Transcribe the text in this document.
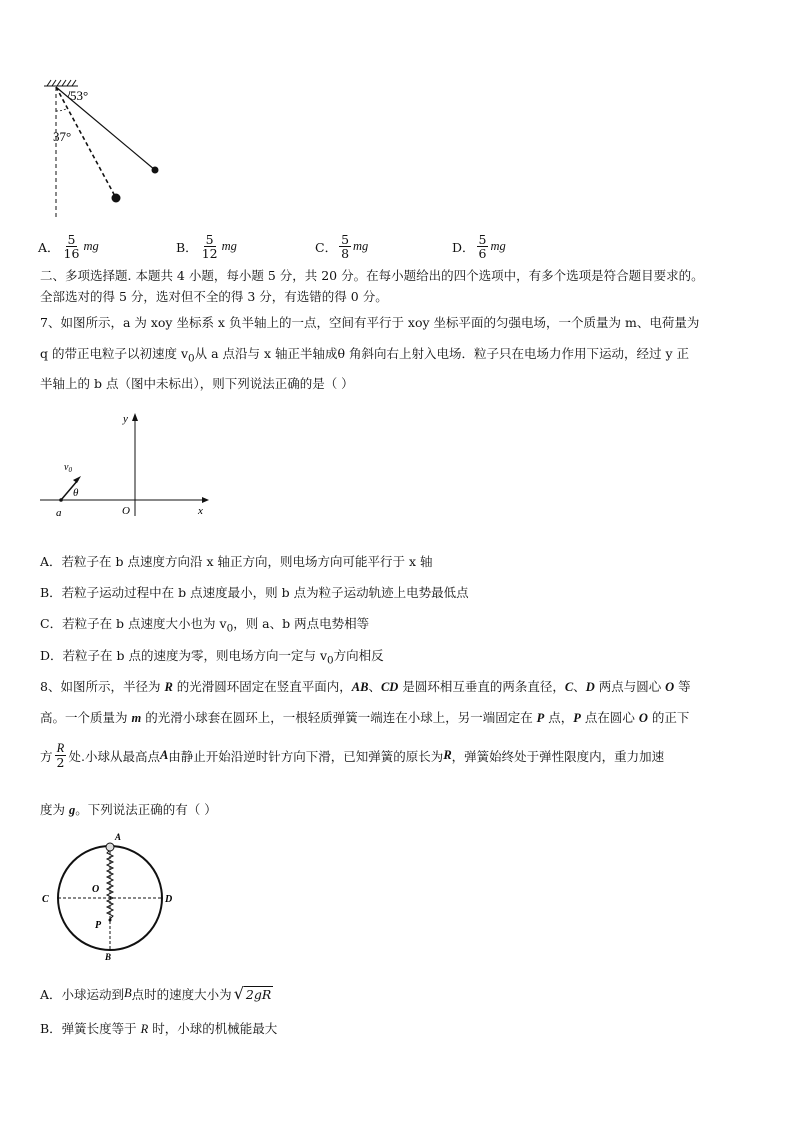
53°
37°
A． $\frac{5}{16}$ mg	B． $\frac{5}{12}$ mg	C． $\frac{5}{8}$ mg	D． $\frac{5}{6}$ mg
二、多项选择题. 本题共 4 小题，每小题 5 分，共 20 分。在每小题给出的四个选项中，有多个选项是符合题目要求的。
全部选对的得 5 分，选对但不全的得 3 分，有选错的得 0 分。
7、如图所示，a 为 xoy 坐标系 x 负半轴上的一点，空间有平行于 xoy 坐标平面的匀强电场，一个质量为 m、电荷量为
q 的带正电粒子以初速度 $v_0$从 a 点沿与 x 轴正半轴成θ 角斜向右上射入电场．粒子只在电场力作用下运动，经过 y 正
半轴上的 b 点（图中未标出），则下列说法正确的是（ ）
y
x
O
a
θ
$v_0$
A．若粒子在 b 点速度方向沿 x 轴正方向，则电场方向可能平行于 x 轴
B．若粒子运动过程中在 b 点速度最小，则 b 点为粒子运动轨迹上电势最低点
C．若粒子在 b 点速度大小也为 $v_0$，则 a、b 两点电势相等
D．若粒子在 b 点的速度为零，则电场方向一定与 $v_0$方向相反
8、如图所示，半径为 R 的光滑圆环固定在竖直平面内，AB、CD 是圆环相互垂直的两条直径，C、D 两点与圆心 O 等
高。一个质量为 m 的光滑小球套在圆环上，一根轻质弹簧一端连在小球上，另一端固定在 P 点，P 点在圆心 O 的正下
方 $\frac{R}{2}$ 处.小球从最高点 A 由静止开始沿逆时针方向下滑，已知弹簧的原长为 R ，弹簧始终处于弹性限度内，重力加速
度为 g。下列说法正确的有（ ）
A
B
C	D
O
P
A．小球运动到 B 点时的速度大小为 √ 2gR
B．弹簧长度等于 R 时，小球的机械能最大
